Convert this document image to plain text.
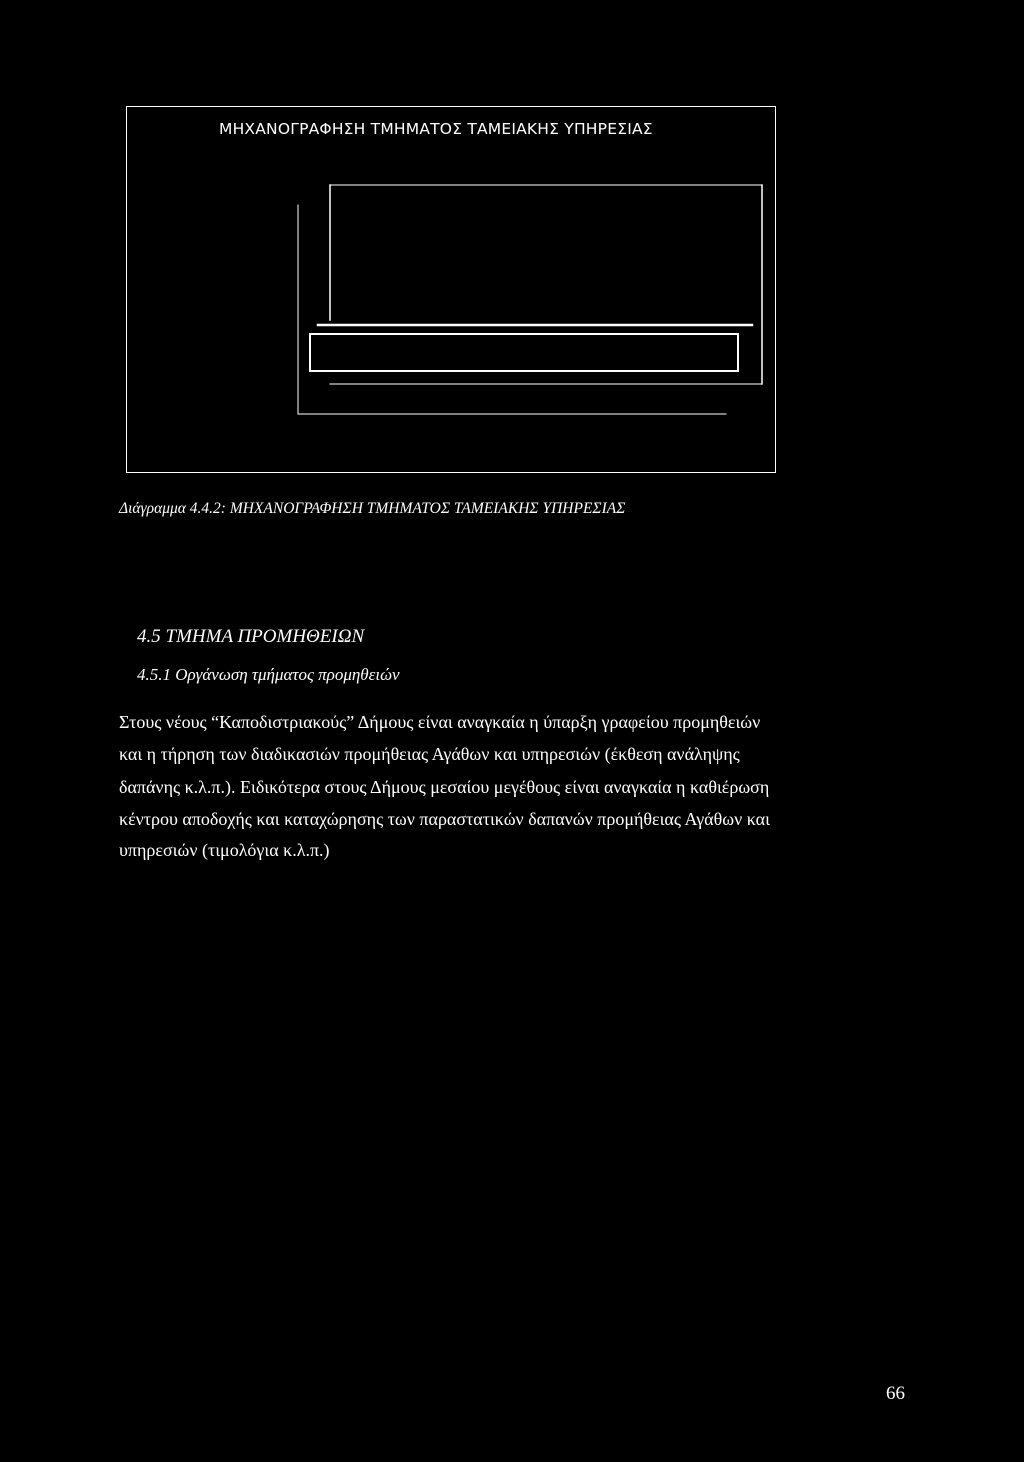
ΜΗΧΑΝΟΓΡΑΦΗΣΗ ΤΜΗΜΑΤΟΣ ΤΑΜΕΙΑΚΗΣ ΥΠΗΡΕΣΙΑΣ
Διάγραμμα 4.4.2: ΜΗΧΑΝΟΓΡΑΦΗΣΗ ΤΜΗΜΑΤΟΣ ΤΑΜΕΙΑΚΗΣ ΥΠΗΡΕΣΙΑΣ
4.5 ΤΜΗΜΑ ΠΡΟΜΗΘΕΙΩΝ
4.5.1 Οργάνωση τμήματος προμηθειών
Στους νέους “Καποδιστριακούς” Δήμους είναι αναγκαία η ύπαρξη γραφείου προμηθειών
και η τήρηση των διαδικασιών προμήθειας Αγάθων και υπηρεσιών (έκθεση ανάληψης
δαπάνης κ.λ.π.). Ειδικότερα στους Δήμους μεσαίου μεγέθους είναι αναγκαία η καθιέρωση
κέντρου αποδοχής και καταχώρησης των παραστατικών δαπανών προμήθειας Αγάθων και
υπηρεσιών (τιμολόγια κ.λ.π.)
66
